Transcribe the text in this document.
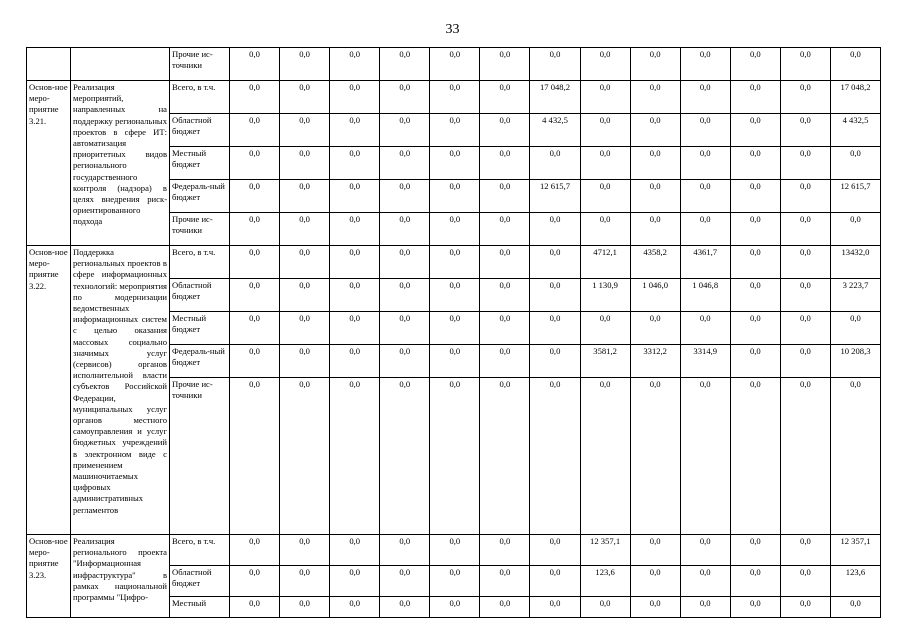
33
		Прочие ис-точники	0,0	0,0	0,0	0,0	0,0	0,0	0,0	0,0	0,0	0,0	0,0	0,0	0,0
Основ-ное меро-приятие 3.21.	Реализация мероприятий, направленных на поддержку региональных проектов в сфере ИТ: автоматизация приоритетных видов регионального государственного контроля (надзора) в целях внедрения риск-ориентированного подхода	Всего, в т.ч.	0,0	0,0	0,0	0,0	0,0	0,0	17 048,2	0,0	0,0	0,0	0,0	0,0	17 048,2
		Областной бюджет	0,0	0,0	0,0	0,0	0,0	0,0	4 432,5	0,0	0,0	0,0	0,0	0,0	4 432,5
		Местный бюджет	0,0	0,0	0,0	0,0	0,0	0,0	0,0	0,0	0,0	0,0	0,0	0,0	0,0
		Федераль-ный бюджет	0,0	0,0	0,0	0,0	0,0	0,0	12 615,7	0,0	0,0	0,0	0,0	0,0	12 615,7
		Прочие ис-точники	0,0	0,0	0,0	0,0	0,0	0,0	0,0	0,0	0,0	0,0	0,0	0,0	0,0
Основ-ное меро-приятие 3.22.	Поддержка региональных проектов в сфере информационных технологий: мероприятия по модернизации ведомственных информационных систем с целью оказания массовых социально значимых услуг (сервисов) органов исполнительной власти субъектов Российской Федерации, муниципальных услуг органов местного самоуправления и услуг бюджетных учреждений в электронном виде с применением машиночитаемых цифровых административных регламентов	Всего, в т.ч.	0,0	0,0	0,0	0,0	0,0	0,0	0,0	4712,1	4358,2	4361,7	0,0	0,0	13432,0
		Областной бюджет	0,0	0,0	0,0	0,0	0,0	0,0	0,0	1 130,9	1 046,0	1 046,8	0,0	0,0	3 223,7
		Местный бюджет	0,0	0,0	0,0	0,0	0,0	0,0	0,0	0,0	0,0	0,0	0,0	0,0	0,0
		Федераль-ный бюджет	0,0	0,0	0,0	0,0	0,0	0,0	0,0	3581,2	3312,2	3314,9	0,0	0,0	10 208,3
		Прочие ис-точники	0,0	0,0	0,0	0,0	0,0	0,0	0,0	0,0	0,0	0,0	0,0	0,0	0,0
Основ-ное меро-приятие 3.23.	Реализация регионального проекта "Информационная инфраструктура" в рамках национальной программы "Цифро-	Всего, в т.ч.	0,0	0,0	0,0	0,0	0,0	0,0	0,0	12 357,1	0,0	0,0	0,0	0,0	12 357,1
		Областной бюджет	0,0	0,0	0,0	0,0	0,0	0,0	0,0	123,6	0,0	0,0	0,0	0,0	123,6
		Местный	0,0	0,0	0,0	0,0	0,0	0,0	0,0	0,0	0,0	0,0	0,0	0,0	0,0
